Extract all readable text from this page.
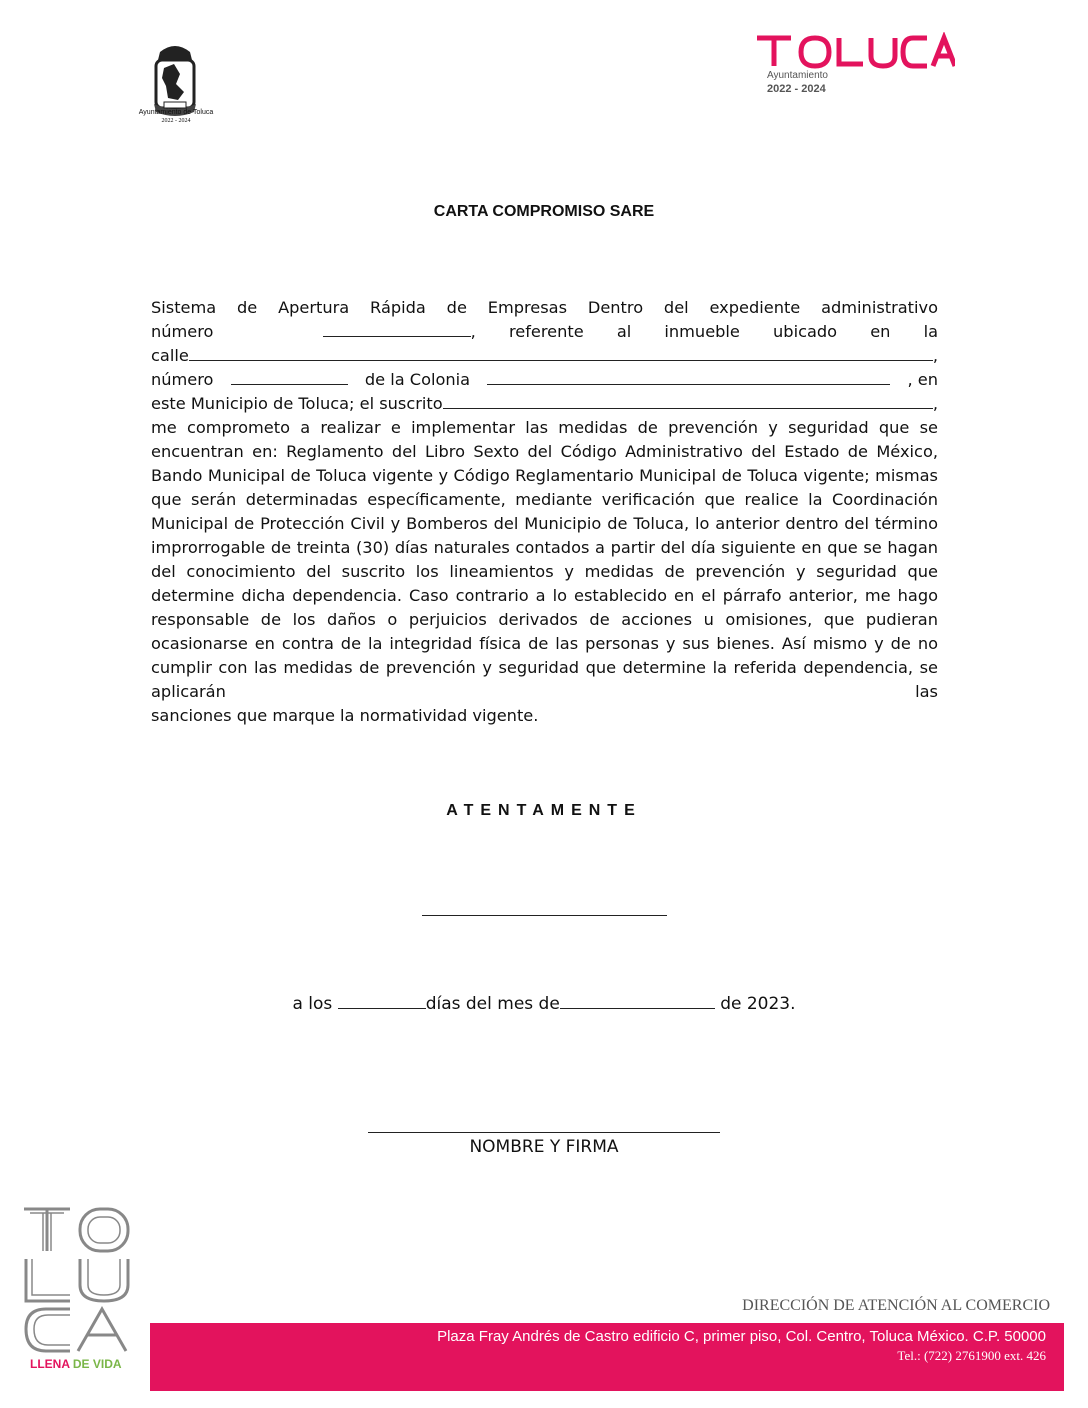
Ayuntamiento de Toluca
2022 - 2024
Ayuntamiento
2022 - 2024
CARTA COMPROMISO SARE
Sistema de Apertura Rápida de Empresas Dentro del expediente administrativo
número	, referente al inmueble ubicado en la
calle	,
número	de la Colonia	, en
este Municipio de Toluca; el suscrito	,
me comprometo a realizar e implementar las medidas de prevención y seguridad que se encuentran en: Reglamento del Libro Sexto del Código Administrativo del Estado de México, Bando Municipal de Toluca vigente y Código Reglamentario Municipal de Toluca vigente; mismas que serán determinadas específicamente, mediante verificación que realice la Coordinación Municipal de Protección Civil y Bomberos del Municipio de Toluca, lo anterior dentro del término improrrogable de treinta (30) días naturales contados a partir del día siguiente en que se hagan del conocimiento del suscrito los lineamientos y medidas de prevención y seguridad que determine dicha dependencia. Caso contrario a lo establecido en el párrafo anterior, me hago responsable de los daños o perjuicios derivados de acciones u omisiones, que pudieran ocasionarse en contra de la integridad física de las personas y sus bienes. Así mismo y de no cumplir con las medidas de prevención y seguridad que determine la referida dependencia, se aplicarán las
sanciones que marque la normatividad vigente.
ATENTAMENTE
a los	días del mes de	de 2023.
NOMBRE Y FIRMA
LLENA DE VIDA
DIRECCIÓN DE ATENCIÓN AL COMERCIO
Plaza Fray Andrés de Castro edificio C, primer piso, Col. Centro, Toluca México. C.P. 50000
Tel.: (722) 2761900 ext. 426
